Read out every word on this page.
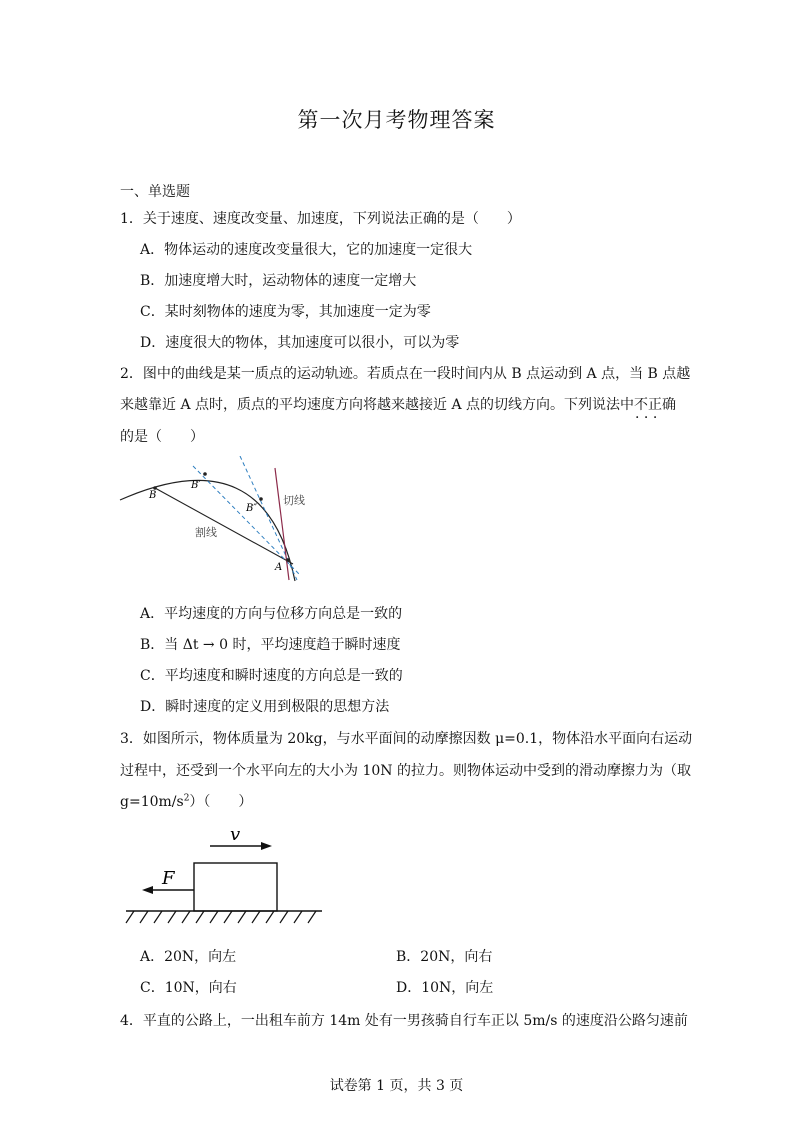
第一次月考物理答案
一、单选题
1．关于速度、速度改变量、加速度，下列说法正确的是（　　）
A．物体运动的速度改变量很大，它的加速度一定很大
B．加速度增大时，运动物体的速度一定增大
C．某时刻物体的速度为零，其加速度一定为零
D．速度很大的物体，其加速度可以很小，可以为零
2．图中的曲线是某一质点的运动轨迹。若质点在一段时间内从 B 点运动到 A 点，当 B 点越
来越靠近 A 点时，质点的平均速度方向将越来越接近 A 点的切线方向。下列说法中不正确 · · ·
的是（　　）
B
B′
B″
A
切线
割线
A．平均速度的方向与位移方向总是一致的
B．当 Δt → 0 时，平均速度趋于瞬时速度
C．平均速度和瞬时速度的方向总是一致的
D．瞬时速度的定义用到极限的思想方法
3．如图所示，物体质量为 20kg，与水平面间的动摩擦因数 μ=0.1，物体沿水平面向右运动
过程中，还受到一个水平向左的大小为 10N 的拉力。则物体运动中受到的滑动摩擦力为（取
$g=10m/s^2$）（　　）
v
F
A．20N，向左	B．20N，向右
C．10N，向右	D．10N，向左
4．平直的公路上，一出租车前方 14m 处有一男孩骑自行车正以 5m/s 的速度沿公路匀速前
试卷第 1 页，共 3 页
